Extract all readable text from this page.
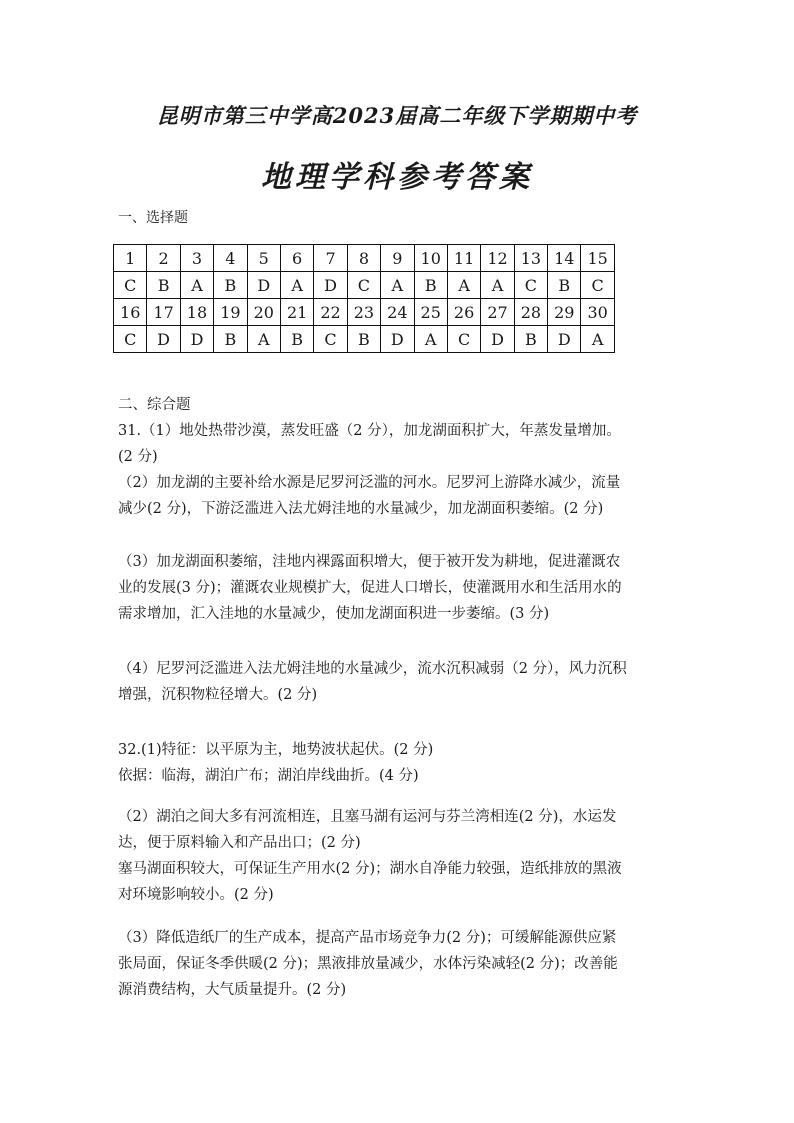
昆明市第三中学高2023届高二年级下学期期中考
地理学科参考答案
一、选择题
1	2	3	4	5	6	7	8	9	10	11	12	13	14	15
C	B	A	B	D	A	D	C	A	B	A	A	C	B	C
16	17	18	19	20	21	22	23	24	25	26	27	28	29	30
C	D	D	B	A	B	C	B	D	A	C	D	B	D	A

二、综合题

31.（1）地处热带沙漠，蒸发旺盛（2 分），加龙湖面积扩大，年蒸发量增加。

(2 分)

（2）加龙湖的主要补给水源是尼罗河泛滥的河水。尼罗河上游降水减少，流量

减少(2 分)，下游泛滥进入法尤姆洼地的水量减少，加龙湖面积萎缩。(2 分)

（3）加龙湖面积萎缩，洼地内裸露面积增大，便于被开发为耕地，促进灌溉农

业的发展(3 分)；灌溉农业规模扩大，促进人口增长，使灌溉用水和生活用水的

需求增加，汇入洼地的水量减少，使加龙湖面积进一步萎缩。(3 分)

（4）尼罗河泛滥进入法尤姆洼地的水量减少，流水沉积减弱（2 分），风力沉积

增强，沉积物粒径增大。(2 分)

32.(1)特征：以平原为主，地势波状起伏。(2 分)

依据：临海，湖泊广布；湖泊岸线曲折。(4 分)

（2）湖泊之间大多有河流相连，且塞马湖有运河与芬兰湾相连(2 分)，水运发

达，便于原料输入和产品出口；(2 分)

塞马湖面积较大，可保证生产用水(2 分)；湖水自净能力较强，造纸排放的黑液

对环境影响较小。(2 分)

（3）降低造纸厂的生产成本，提高产品市场竞争力(2 分)；可缓解能源供应紧

张局面，保证冬季供暖(2 分)；黑液排放量减少，水体污染减轻(2 分)；改善能

源消费结构，大气质量提升。(2 分)
